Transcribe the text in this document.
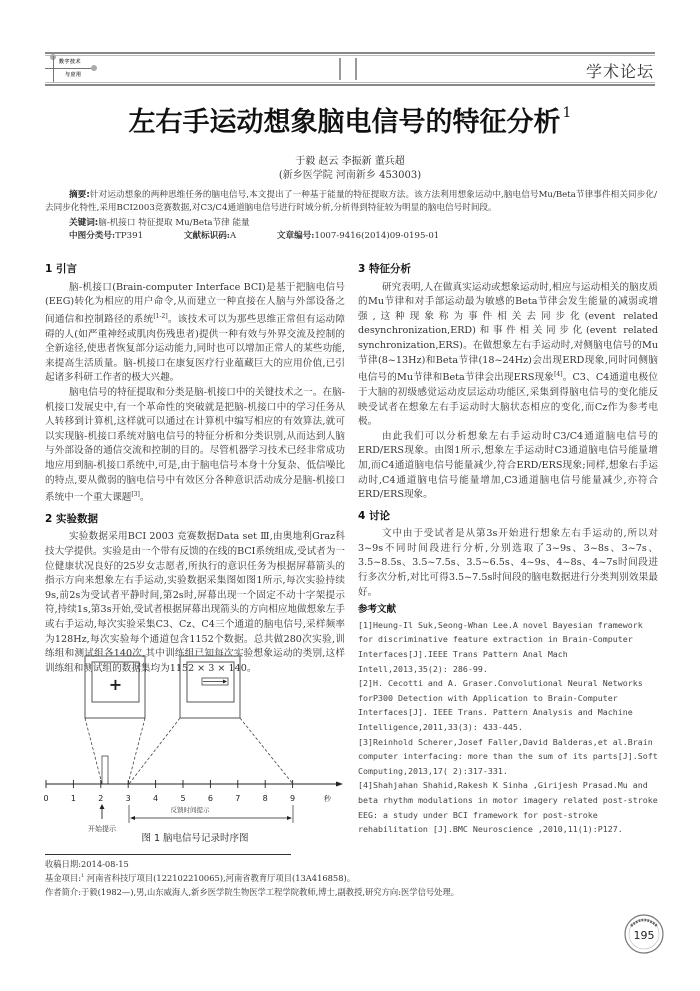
数字技术
与应用	学术论坛
左右手运动想象脑电信号的特征分析 $^1$
于毅 赵云 李振新 董兵超
(新乡医学院 河南新乡 453003)
摘要:针对运动想象的两种思维任务的脑电信号,本文提出了一种基于能量的特征提取方法。该方法利用想象运动中,脑电信号Mu/Beta节律事件相关同步化/去同步化特性,采用BCI2003竞赛数据,对C3/C4通道脑电信号进行时域分析,分析得到特征较为明显的脑电信号时间段。
关键词:脑-机接口 特征提取 Mu/Beta节律 能量
中图分类号:TP391	文献标识码:A	文章编号:1007-9416(2014)09-0195-01
1 引言

脑-机接口(Brain-computer Interface BCI)是基于把脑电信号(EEG)转化为相应的用户命令,从而建立一种直接在人脑与外部设备之间通信和控制路径的系统[1-2]。该技术可以为那些思维正常但有运动障碍的人(如严重神经或肌肉伤残患者)提供一种有效与外界交流及控制的全新途径,使患者恢复部分运动能力,同时也可以增加正常人的某些功能,来提高生活质量。脑-机接口在康复医疗行业蕴藏巨大的应用价值,已引起诸多科研工作者的极大兴趣。

脑电信号的特征提取和分类是脑-机接口中的关键技术之一。在脑-机接口发展史中,有一个革命性的突破就是把脑-机接口中的学习任务从人转移到计算机,这样就可以通过在计算机中编写相应的有效算法,就可以实现脑-机接口系统对脑电信号的特征分析和分类识别,从而达到人脑与外部设备的通信交流和控制的目的。尽管机器学习技术已经非常成功地应用到脑-机接口系统中,可是,由于脑电信号本身十分复杂、低信噪比的特点,要从微弱的脑电信号中有效区分各种意识活动成分是脑-机接口系统中一个重大课题[3]。

2 实验数据

实验数据采用BCI 2003 竞赛数据Data set Ⅲ,由奥地利Graz科技大学提供。实验是由一个带有反馈的在线的BCI系统组成,受试者为一位健康状况良好的25岁女志愿者,所执行的意识任务为根据屏幕箭头的指示方向来想象左右手运动,实验数据采集图如图1所示,每次实验持续9s,前2s为受试者平静时间,第2s时,屏幕出现一个固定不动十字架提示符,持续1s,第3s开始,受试者根据屏幕出现箭头的方向相应地做想象左手或右手运动,每次实验采集C3、Cz、C4三个通道的脑电信号,采样频率为128Hz,每次实验每个通道包含1152个数据。总共做280次实验,训练组和测试组各140次,其中训练组已知每次实验想象运动的类别,这样训练组和测试组的数据集均为1152 × 3 × 140。

+
0	1	2	3	4	5	6	7	8	9	秒
开始提示
反馈时间提示
图 1 脑电信号记录时序图
3 特征分析

研究表明,人在做真实运动或想象运动时,相应与运动相关的脑皮质的Mu节律和对手部运动最为敏感的Beta节律会发生能量的减弱或增强,这种现象称为事件相关去同步化(event related desynchronization,ERD)和事件相关同步化(event related synchronization,ERS)。在做想象左右手运动时,对侧脑电信号的Mu节律(8~13Hz)和Beta节律(18~24Hz)会出现ERD现象,同时同侧脑电信号的Mu节律和Beta节律会出现ERS现象[4]。C3、C4通道电极位于大脑的初级感觉运动皮层运动功能区,采集到得脑电信号的变化能反映受试者在想象左右手运动时大脑状态相应的变化,而Cz作为参考电极。

由此我们可以分析想象左右手运动时C3/C4通道脑电信号的ERD/ERS现象。由图1所示,想象左手运动时C3通道脑电信号能量增加,而C4通道脑电信号能量减少,符合ERD/ERS现象;同样,想象右手运动时,C4通道脑电信号能量增加,C3通道脑电信号能量减少,亦符合ERD/ERS现象。

4 讨论

文中由于受试者是从第3s开始进行想象左右手运动的,所以对3~9s不同时间段进行分析,分别选取了3~9s、3~8s、3~7s、3.5~8.5s、3.5~7.5s、3.5~6.5s、4~9s、4~8s、4~7s时间段进行多次分析,对比可得3.5~7.5s时间段的脑电数据进行分类判别效果最好。

参考文献
[1]Heung-Il Suk,Seong-Whan Lee.A novel Bayesian framework for discriminative feature extraction in Brain-Computer Interfaces[J].IEEE Trans Pattern Anal Mach Intell,2013,35(2): 286-99.
[2]H. Cecotti and A. Graser.Convolutional Neural Networks forP300 Detection with Application to Brain-Computer Interfaces[J]. IEEE Trans. Pattern Analysis and Machine Intelligence,2011,33(3): 433-445.
[3]Reinhold Scherer,Josef Faller,David Balderas,et al.Brain computer interfacing: more than the sum of its parts[J].Soft Computing,2013,17( 2):317-331.
[4]Shahjahan Shahid,Rakesh K Sinha ,Girijesh Prasad.Mu and beta rhythm modulations in motor imagery related post-stroke EEG: a study under BCI framework for post-stroke rehabilitation [J].BMC Neuroscience ,2010,11(1):P127.
收稿日期:2014-08-15
基金项目:$^1$ 河南省科技厅项目(122102210065),河南省教育厅项目(13A416858)。
作者简介:于毅(1982—),男,山东威海人,新乡医学院生物医学工程学院教师,博士,副教授,研究方向:医学信号处理。
195
